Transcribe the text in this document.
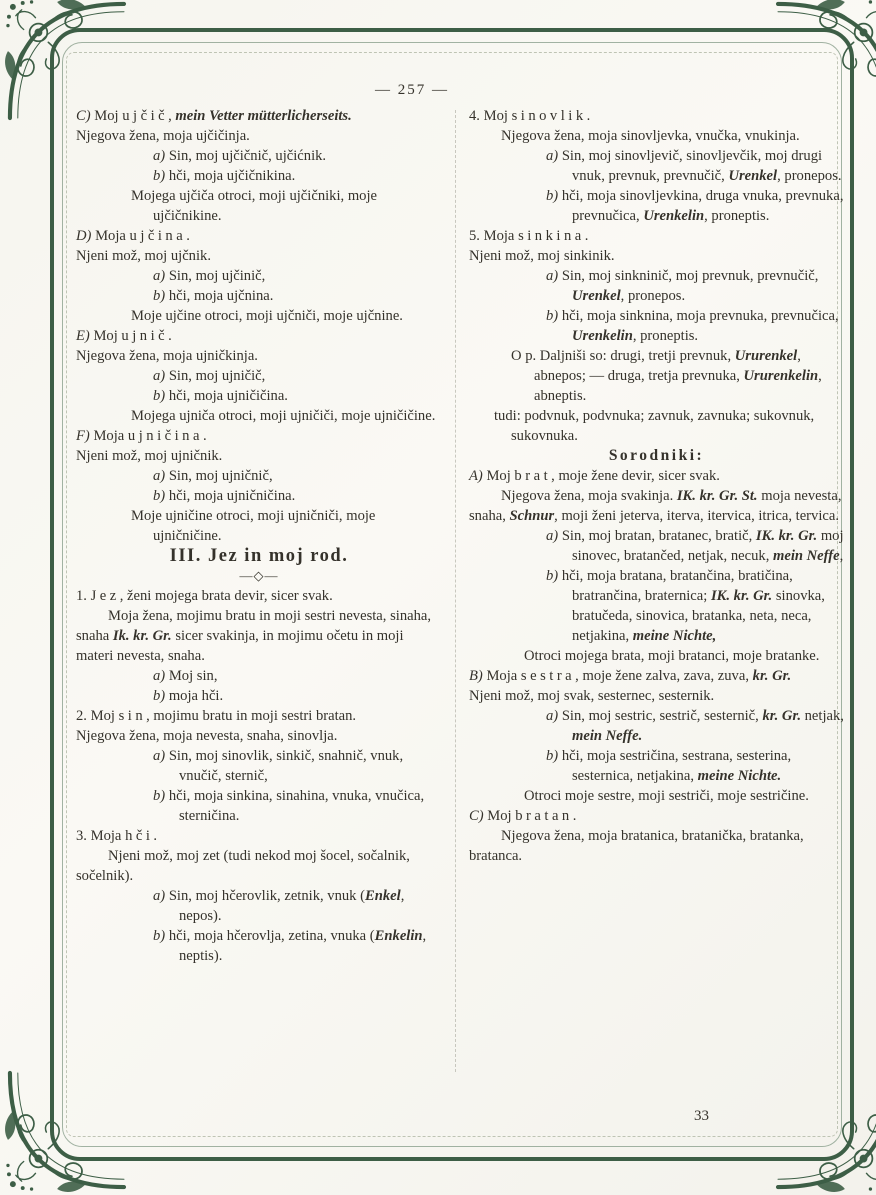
— 257 —

C) Moj ujčič, mein Vetter mütterlicherseits.

Njegova žena, moja ujčičinja.

a) Sin, moj ujčičnič, ujčićnik.

b) hči, moja ujčičnikina.

Mojega ujčiča otroci, moji ujčičniki, moje ujčičnikine.

D) Moja ujčina.

Njeni mož, moj ujčnik.

a) Sin, moj ujčinič,

b) hči, moja ujčnina.

Moje ujčine otroci, moji ujčniči, moje ujčnine.

E) Moj ujnič.

Njegova žena, moja ujničkinja.

a) Sin, moj ujničič,

b) hči, moja ujničičina.

Mojega ujniča otroci, moji ujničiči, moje ujničičine.

F) Moja ujničina.

Njeni mož, moj ujničnik.

a) Sin, moj ujničnič,

b) hči, moja ujničničina.

Moje ujničine otroci, moji ujničniči, moje ujničničine.

III. Jez in moj rod.

—◇—

1. Jez, ženi mojega brata devir, sicer svak.

Moja žena, mojimu bratu in moji sestri nevesta, sinaha, snaha Ik. kr. Gr. sicer svakinja, in mojimu očetu in moji materi nevesta, snaha.

a) Moj sin,

b) moja hči.

2. Moj sin, mojimu bratu in moji sestri bratan.

Njegova žena, moja nevesta, snaha, sinovlja.

a) Sin, moj sinovlik, sinkič, snahnič, vnuk, vnučič, sternič,

b) hči, moja sinkina, sinahina, vnuka, vnučica, sterničina.

3. Moja hči.

Njeni mož, moj zet (tudi nekod moj šocel, sočalnik, sočelnik).

a) Sin, moj hčerovlik, zetnik, vnuk (Enkel, nepos).

b) hči, moja hčerovlja, zetina, vnuka (Enkelin, neptis).

4. Moj sinovlik.

Njegova žena, moja sinovljevka, vnučka, vnukinja.

a) Sin, moj sinovljevič, sinovljevčik, moj drugi vnuk, prevnuk, prevnučič, Urenkel, pronepos.

b) hči, moja sinovljevkina, druga vnuka, prevnuka, prevnučica, Urenkelin, proneptis.

5. Moja sinkina.

Njeni mož, moj sinkinik.

a) Sin, moj sinkninič, moj prevnuk, prevnučič, Urenkel, pronepos.

b) hči, moja sinknina, moja prevnuka, prevnučica, Urenkelin, proneptis.

O p. Daljniši so: drugi, tretji prevnuk, Ururenkel, abnepos; — druga, tretja prevnuka, Ururenkelin, abneptis.

tudi: podvnuk, podvnuka; zavnuk, zavnuka; sukovnuk, sukovnuka.

Sorodniki:

A) Moj brat, moje žene devir, sicer svak.

Njegova žena, moja svakinja. IK. kr. Gr. St. moja nevesta, snaha, Schnur, moji ženi jeterva, iterva, itervica, itrica, tervica.

a) Sin, moj bratan, bratanec, bratič, IK. kr. Gr. moj sinovec, bratančed, netjak, necuk, mein Neffe,

b) hči, moja bratana, bratančina, bratičina, bratrančina, braternica; IK. kr. Gr. sinovka, bratučeda, sinovica, bratanka, neta, neca, netjakina, meine Nichte,

Otroci mojega brata, moji bratanci, moje bratanke.

B) Moja sestra, moje žene zalva, zava, zuva, kr. Gr.

Njeni mož, moj svak, sesternec, sesternik.

a) Sin, moj sestric, sestrič, sesternič, kr. Gr. netjak, mein Neffe.

b) hči, moja sestričina, sestrana, sesterina, sesternica, netjakina, meine Nichte.

Otroci moje sestre, moji sestriči, moje sestričine.

C) Moj bratan.

Njegova žena, moja bratanica, bratanička, bratanka, bratanca.

33
